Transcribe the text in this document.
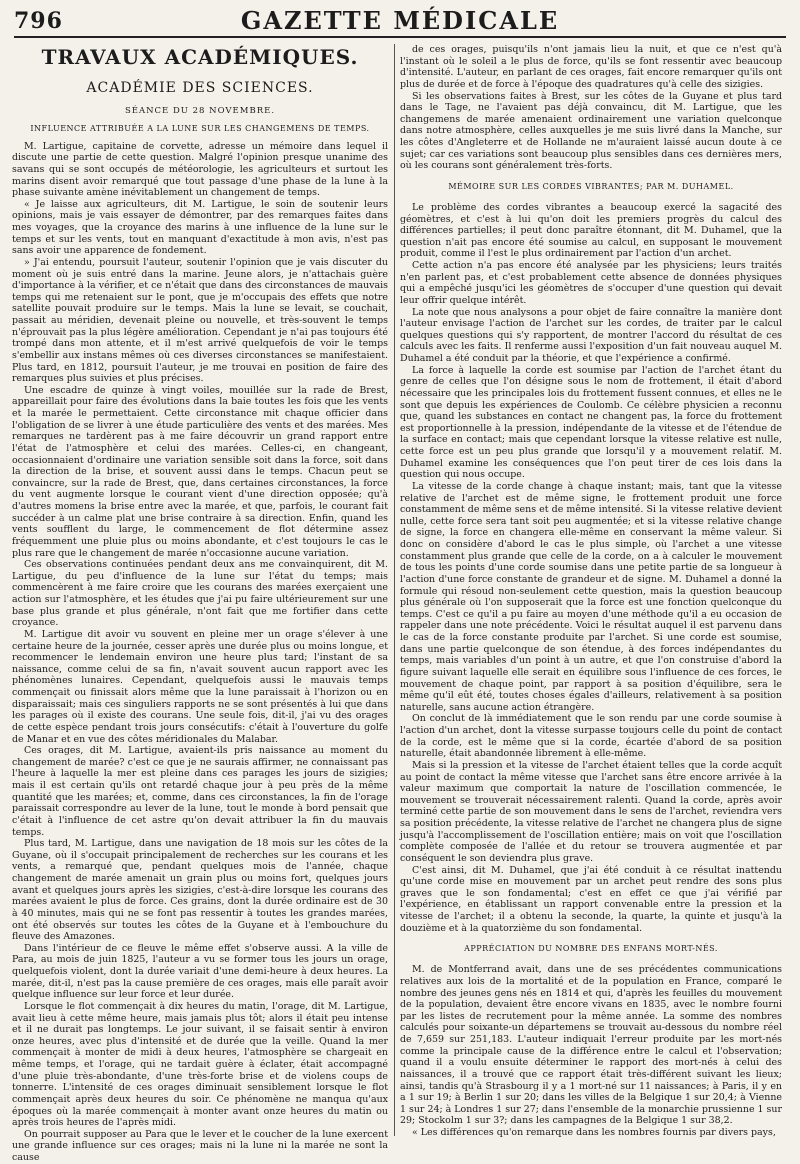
796	GAZETTE MÉDICALE
TRAVAUX ACADÉMIQUES.
ACADÉMIE DES SCIENCES.
SÉANCE DU 28 NOVEMBRE.
INFLUENCE ATTRIBUÉE A LA LUNE SUR LES CHANGEMENS DE TEMPS.

M. Lartigue, capitaine de corvette, adresse un mémoire dans lequel il discute une partie de cette question. Malgré l'opinion presque unanime des savans qui se sont occupés de météorologie, les agriculteurs et surtout les marins disent avoir remarqué que tout passage d'une phase de la lune à la phase suivante amène inévitablement un changement de temps.

« Je laisse aux agriculteurs, dit M. Lartigue, le soin de soutenir leurs opinions, mais je vais essayer de démontrer, par des remarques faites dans mes voyages, que la croyance des marins à une influence de la lune sur le temps et sur les vents, tout en manquant d'exactitude à mon avis, n'est pas sans avoir une apparence de fondement.

» J'ai entendu, poursuit l'auteur, soutenir l'opinion que je vais discuter du moment où je suis entré dans la marine. Jeune alors, je n'attachais guère d'importance à la vérifier, et ce n'était que dans des circonstances de mauvais temps qui me retenaient sur le pont, que je m'occupais des effets que notre satellite pouvait produire sur le temps. Mais la lune se levait, se couchait, passait au méridien, devenait pleine ou nouvelle, et très-souvent le temps n'éprouvait pas la plus légère amélioration. Cependant je n'ai pas toujours été trompé dans mon attente, et il m'est arrivé quelquefois de voir le temps s'embellir aux instans mêmes où ces diverses circonstances se manifestaient. Plus tard, en 1812, poursuit l'auteur, je me trouvai en position de faire des remarques plus suivies et plus précises.

Une escadre de quinze à vingt voiles, mouillée sur la rade de Brest, appareillait pour faire des évolutions dans la baie toutes les fois que les vents et la marée le permettaient. Cette circonstance mit chaque officier dans l'obligation de se livrer à une étude particulière des vents et des marées. Mes remarques ne tardèrent pas à me faire découvrir un grand rapport entre l'état de l'atmosphère et celui des marées. Celles-ci, en changeant, occasionnaient d'ordinaire une variation sensible soit dans la force, soit dans la direction de la brise, et souvent aussi dans le temps. Chacun peut se convaincre, sur la rade de Brest, que, dans certaines circonstances, la force du vent augmente lorsque le courant vient d'une direction opposée; qu'à d'autres momens la brise entre avec la marée, et que, parfois, le courant fait succéder à un calme plat une brise contraire à sa direction. Enfin, quand les vents soufflent du large, le commencement de flot détermine assez fréquemment une pluie plus ou moins abondante, et c'est toujours le cas le plus rare que le changement de marée n'occasionne aucune variation.

Ces observations continuées pendant deux ans me convainquirent, dit M. Lartigue, du peu d'influence de la lune sur l'état du temps; mais commencèrent à me faire croire que les courans des marées exerçaient une action sur l'atmosphère, et les études que j'ai pu faire ultérieurement sur une base plus grande et plus générale, n'ont fait que me fortifier dans cette croyance.

M. Lartigue dit avoir vu souvent en pleine mer un orage s'élever à une certaine heure de la journée, cesser après une durée plus ou moins longue, et recommencer le lendemain environ une heure plus tard; l'instant de sa naissance, comme celui de sa fin, n'avait souvent aucun rapport avec les phénomènes lunaires. Cependant, quelquefois aussi le mauvais temps commençait ou finissait alors même que la lune paraissait à l'horizon ou en disparaissait; mais ces singuliers rapports ne se sont présentés à lui que dans les parages où il existe des courans. Une seule fois, dit-il, j'ai vu des orages de cette espèce pendant trois jours consécutifs: c'était à l'ouverture du golfe de Manar et en vue des côtes méridionales du Malabar.

Ces orages, dit M. Lartigue, avaient-ils pris naissance au moment du changement de marée? c'est ce que je ne saurais affirmer, ne connaissant pas l'heure à laquelle la mer est pleine dans ces parages les jours de sizigies; mais il est certain qu'ils ont retardé chaque jour à peu près de la même quantité que les marées; et, comme, dans ces circonstances, la fin de l'orage paraissait correspondre au lever de la lune, tout le monde à bord pensait que c'était à l'influence de cet astre qu'on devait attribuer la fin du mauvais temps.

Plus tard, M. Lartigue, dans une navigation de 18 mois sur les côtes de la Guyane, où il s'occupait principalement de recherches sur les courans et les vents, a remarqué que, pendant quelques mois de l'année, chaque changement de marée amenait un grain plus ou moins fort, quelques jours avant et quelques jours après les sizigies, c'est-à-dire lorsque les courans des marées avaient le plus de force. Ces grains, dont la durée ordinaire est de 30 à 40 minutes, mais qui ne se font pas ressentir à toutes les grandes marées, ont été observés sur toutes les côtes de la Guyane et à l'embouchure du fleuve des Amazones.

Dans l'intérieur de ce fleuve le même effet s'observe aussi. A la ville de Para, au mois de juin 1825, l'auteur a vu se former tous les jours un orage, quelquefois violent, dont la durée variait d'une demi-heure à deux heures. La marée, dit-il, n'est pas la cause première de ces orages, mais elle paraît avoir quelque influence sur leur force et leur durée.

Lorsque le flot commençait à dix heures du matin, l'orage, dit M. Lartigue, avait lieu à cette même heure, mais jamais plus tôt; alors il était peu intense et il ne durait pas longtemps. Le jour suivant, il se faisait sentir à environ onze heures, avec plus d'intensité et de durée que la veille. Quand la mer commençait à monter de midi à deux heures, l'atmosphère se chargeait en même temps, et l'orage, qui ne tardait guère à éclater, était accompagné d'une pluie très-abondante, d'une très-forte brise et de violens coups de tonnerre. L'intensité de ces orages diminuait sensiblement lorsque le flot commençait après deux heures du soir. Ce phénomène ne manqua qu'aux époques où la marée commençait à monter avant onze heures du matin ou après trois heures de l'après midi.

On pourrait supposer au Para que le lever et le coucher de la lune exercent une grande influence sur ces orages; mais ni la lune ni la marée ne sont la cause

de ces orages, puisqu'ils n'ont jamais lieu la nuit, et que ce n'est qu'à l'instant où le soleil a le plus de force, qu'ils se font ressentir avec beaucoup d'intensité. L'auteur, en parlant de ces orages, fait encore remarquer qu'ils ont plus de durée et de force à l'époque des quadratures qu'à celle des sizigies.

Si les observations faites à Brest, sur les côtes de la Guyane et plus tard dans le Tage, ne l'avaient pas déjà convaincu, dit M. Lartigue, que les changemens de marée amenaient ordinairement une variation quelconque dans notre atmosphère, celles auxquelles je me suis livré dans la Manche, sur les côtes d'Angleterre et de Hollande ne m'auraient laissé aucun doute à ce sujet; car ces variations sont beaucoup plus sensibles dans ces dernières mers, où les courans sont généralement très-forts.

MÉMOIRE SUR LES CORDES VIBRANTES; PAR M. DUHAMEL.

Le problème des cordes vibrantes a beaucoup exercé la sagacité des géomètres, et c'est à lui qu'on doit les premiers progrès du calcul des différences partielles; il peut donc paraître étonnant, dit M. Duhamel, que la question n'ait pas encore été soumise au calcul, en supposant le mouvement produit, comme il l'est le plus ordinairement par l'action d'un archet.

Cette action n'a pas encore été analysée par les physiciens; leurs traités n'en parlent pas, et c'est probablement cette absence de données physiques qui a empêché jusqu'ici les géomètres de s'occuper d'une question qui devait leur offrir quelque intérêt.

La note que nous analysons a pour objet de faire connaître la manière dont l'auteur envisage l'action de l'archet sur les cordes, de traiter par le calcul quelques questions qui s'y rapportent, de montrer l'accord du résultat de ces calculs avec les faits. Il renferme aussi l'exposition d'un fait nouveau auquel M. Duhamel a été conduit par la théorie, et que l'expérience a confirmé.

La force à laquelle la corde est soumise par l'action de l'archet étant du genre de celles que l'on désigne sous le nom de frottement, il était d'abord nécessaire que les principales lois du frottement fussent connues, et elles ne le sont que depuis les expériences de Coulomb. Ce célèbre physicien a reconnu que, quand les substances en contact ne changent pas, la force du frottement est proportionnelle à la pression, indépendante de la vitesse et de l'étendue de la surface en contact; mais que cependant lorsque la vitesse relative est nulle, cette force est un peu plus grande que lorsqu'il y a mouvement relatif. M. Duhamel examine les conséquences que l'on peut tirer de ces lois dans la question qui nous occupe.

La vitesse de la corde change à chaque instant; mais, tant que la vitesse relative de l'archet est de même signe, le frottement produit une force constamment de même sens et de même intensité. Si la vitesse relative devient nulle, cette force sera tant soit peu augmentée; et si la vitesse relative change de signe, la force en changera elle-même en conservant la même valeur. Si donc on considère d'abord le cas le plus simple, où l'archet a une vitesse constamment plus grande que celle de la corde, on a à calculer le mouvement de tous les points d'une corde soumise dans une petite partie de sa longueur à l'action d'une force constante de grandeur et de signe. M. Duhamel a donné la formule qui résoud non-seulement cette question, mais la question beaucoup plus générale où l'on supposerait que la force est une fonction quelconque du temps. C'est ce qu'il a pu faire au moyen d'une méthode qu'il a eu occasion de rappeler dans une note précédente. Voici le résultat auquel il est parvenu dans le cas de la force constante produite par l'archet. Si une corde est soumise, dans une partie quelconque de son étendue, à des forces indépendantes du temps, mais variables d'un point à un autre, et que l'on construise d'abord la figure suivant laquelle elle serait en équilibre sous l'influence de ces forces, le mouvement de chaque point, par rapport à sa position d'équilibre, sera le même qu'il eût été, toutes choses égales d'ailleurs, relativement à sa position naturelle, sans aucune action étrangère.

On conclut de là immédiatement que le son rendu par une corde soumise à l'action d'un archet, dont la vitesse surpasse toujours celle du point de contact de la corde, est le même que si la corde, écartée d'abord de sa position naturelle, était abandonnée librement à elle-même.

Mais si la pression et la vitesse de l'archet étaient telles que la corde acquît au point de contact la même vitesse que l'archet sans être encore arrivée à la valeur maximum que comportait la nature de l'oscillation commencée, le mouvement se trouverait nécessairement ralenti. Quand la corde, après avoir terminé cette partie de son mouvement dans le sens de l'archet, reviendra vers sa position précédente, la vitesse relative de l'archet ne changera plus de signe jusqu'à l'accomplissement de l'oscillation entière; mais on voit que l'oscillation complète composée de l'allée et du retour se trouvera augmentée et par conséquent le son deviendra plus grave.

C'est ainsi, dit M. Duhamel, que j'ai été conduit à ce résultat inattendu qu'une corde mise en mouvement par un archet peut rendre des sons plus graves que le son fondamental; c'est en effet ce que j'ai vérifié par l'expérience, en établissant un rapport convenable entre la pression et la vitesse de l'archet; il a obtenu la seconde, la quarte, la quinte et jusqu'à la douzième et à la quatorzième du son fondamental.

APPRÉCIATION DU NOMBRE DES ENFANS MORT-NÉS.

M. de Montferrand avait, dans une de ses précédentes communications relatives aux lois de la mortalité et de la population en France, comparé le nombre des jeunes gens nés en 1814 et qui, d'après les feuilles du mouvement de la population, devaient être encore vivans en 1835, avec le nombre fourni par les listes de recrutement pour la même année. La somme des nombres calculés pour soixante-un départemens se trouvait au-dessous du nombre réel de 7,659 sur 251,183. L'auteur indiquait l'erreur produite par les mort-nés comme la principale cause de la différence entre le calcul et l'observation; quand il a voulu ensuite déterminer le rapport des mort-nés à celui des naissances, il a trouvé que ce rapport était très-différent suivant les lieux; ainsi, tandis qu'à Strasbourg il y a 1 mort-né sur 11 naissances; à Paris, il y en a 1 sur 19; à Berlin 1 sur 20; dans les villes de la Belgique 1 sur 20,4; à Vienne 1 sur 24; à Londres 1 sur 27; dans l'ensemble de la monarchie prussienne 1 sur 29; Stockolm 1 sur 3?; dans les campagnes de la Belgique 1 sur 38,2.

« Les différences qu'on remarque dans les nombres fournis par divers pays,
